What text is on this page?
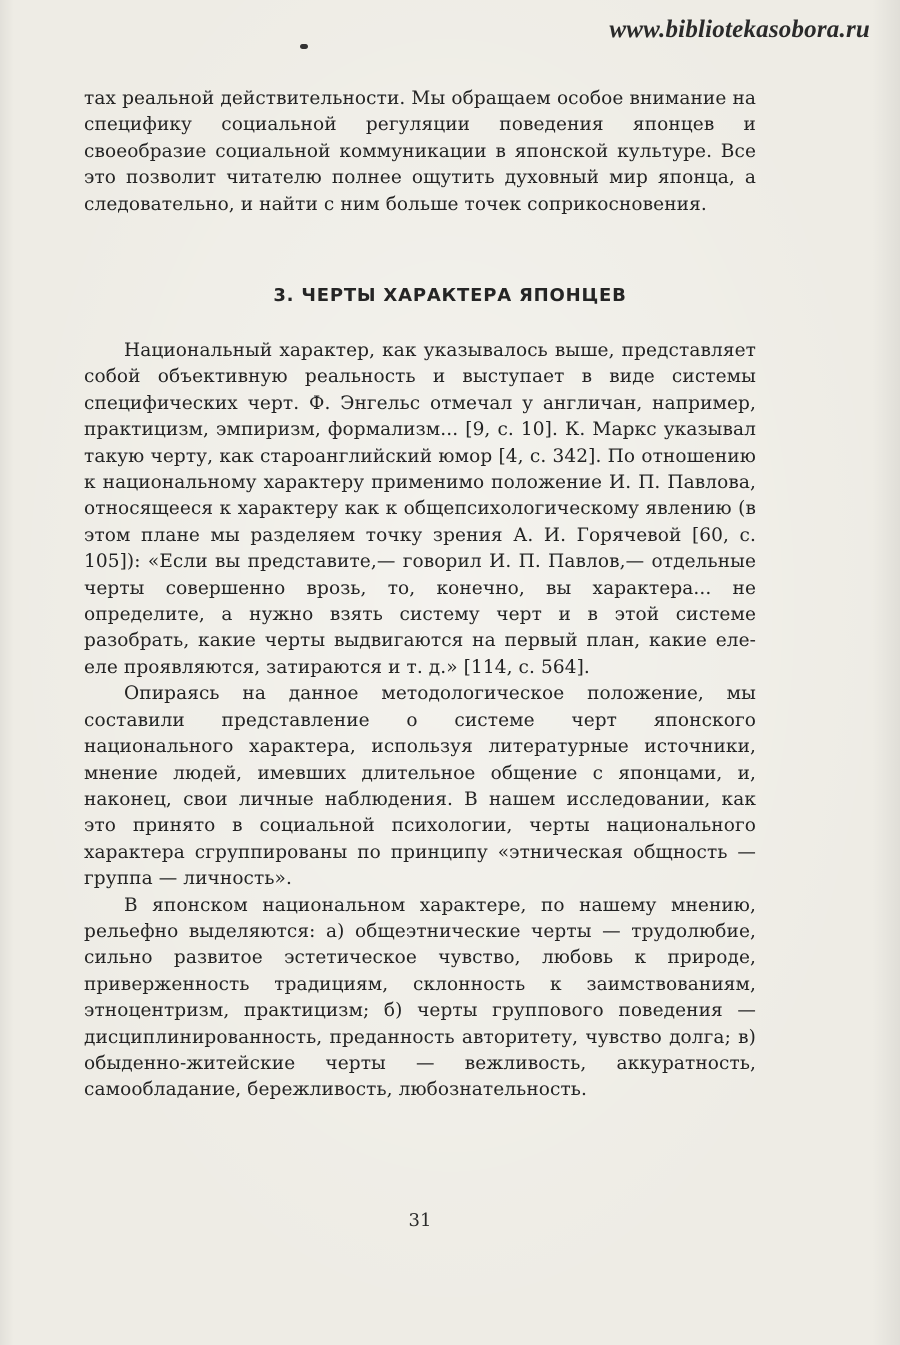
www.bibliotekasobora.ru

тах реальной действительности. Мы обращаем особое внимание на специфику социальной регуляции поведения японцев и своеобразие социальной коммуникации в японской культуре. Все это позволит читателю полнее ощутить духовный мир японца, а следовательно, и найти с ним больше точек соприкосновения.

3. ЧЕРТЫ ХАРАКТЕРА ЯПОНЦЕВ

Национальный характер, как указывалось выше, представляет собой объективную реальность и выступает в виде системы специфических черт. Ф. Энгельс отмечал у англичан, например, практицизм, эмпиризм, формализм... [9, с. 10]. К. Маркс указывал такую черту, как староанглийский юмор [4, с. 342]. По отношению к национальному характеру применимо положение И. П. Павлова, относящееся к характеру как к общепсихологическому явлению (в этом плане мы разделяем точку зрения А. И. Горячевой [60, с. 105]): «Если вы представите,— говорил И. П. Павлов,— отдельные черты совершенно врозь, то, конечно, вы характера... не определите, а нужно взять систему черт и в этой системе разобрать, какие черты выдвигаются на первый план, какие еле-еле проявляются, затираются и т. д.» [114, с. 564].

Опираясь на данное методологическое положение, мы составили представление о системе черт японского национального характера, используя литературные источники, мнение людей, имевших длительное общение с японцами, и, наконец, свои личные наблюдения. В нашем исследовании, как это принято в социальной психологии, черты национального характера сгруппированы по принципу «этническая общность — группа — личность».

В японском национальном характере, по нашему мнению, рельефно выделяются: а) общеэтнические черты — трудолюбие, сильно развитое эстетическое чувство, любовь к природе, приверженность традициям, склонность к заимствованиям, этноцентризм, практицизм; б) черты группового поведения — дисциплинированность, преданность авторитету, чувство долга; в) обыденно-житейские черты — вежливость, аккуратность, самообладание, бережливость, любознательность.

31
